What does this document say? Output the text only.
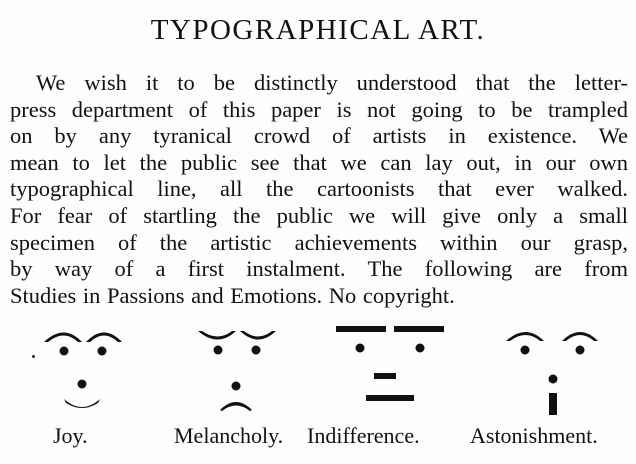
TYPOGRAPHICAL ART.
We wish it to be distinctly understood that the letter-
press department of this paper is not going to be trampled
on by any tyranical crowd of artists in existence. We
mean to let the public see that we can lay out, in our own
typographical line, all the cartoonists that ever walked.
For fear of startling the public we will give only a small
specimen of the artistic achievements within our grasp,
by way of a first instalment. The following are from
Studies in Passions and Emotions. No copyright.
Joy.	Melancholy. Indifference. Astonishment.
